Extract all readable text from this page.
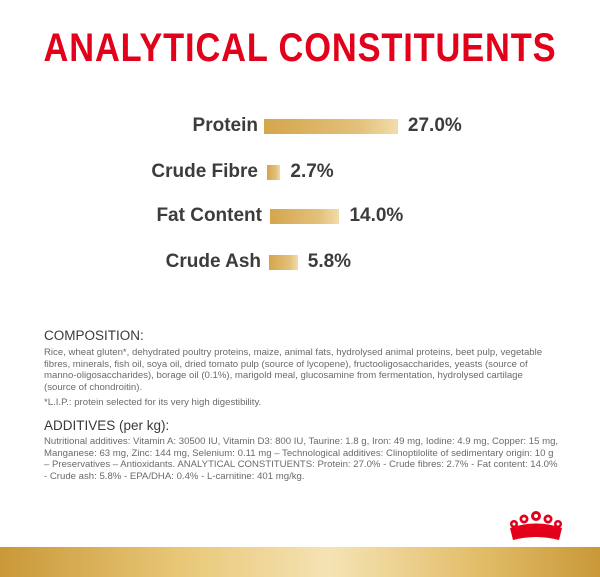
ANALYTICAL CONSTITUENTS
Protein	27.0%
Crude Fibre 2.7%
Fat Content	14.0%
Crude Ash 5.8%
COMPOSITION:
Rice, wheat gluten*, dehydrated poultry proteins, maize, animal fats, hydrolysed animal proteins, beet pulp, vegetable
fibres, minerals, fish oil, soya oil, dried tomato pulp (source of lycopene), fructooligosaccharides, yeasts (source of
manno-oligosaccharides), borage oil (0.1%), marigold meal, glucosamine from fermentation, hydrolysed cartilage
(source of chondroitin).
*L.I.P.: protein selected for its very high digestibility.
ADDITIVES (per kg):
Nutritional additives: Vitamin A: 30500 IU, Vitamin D3: 800 IU, Taurine: 1.8 g, Iron: 49 mg, Iodine: 4.9 mg, Copper: 15 mg,
Manganese: 63 mg, Zinc: 144 mg, Selenium: 0.11 mg – Technological additives: Clinoptilolite of sedimentary origin: 10 g
– Preservatives – Antioxidants. ANALYTICAL CONSTITUENTS: Protein: 27.0% - Crude fibres: 2.7% - Fat content: 14.0%
- Crude ash: 5.8% - EPA/DHA: 0.4% - L-carnitine: 401 mg/kg.
